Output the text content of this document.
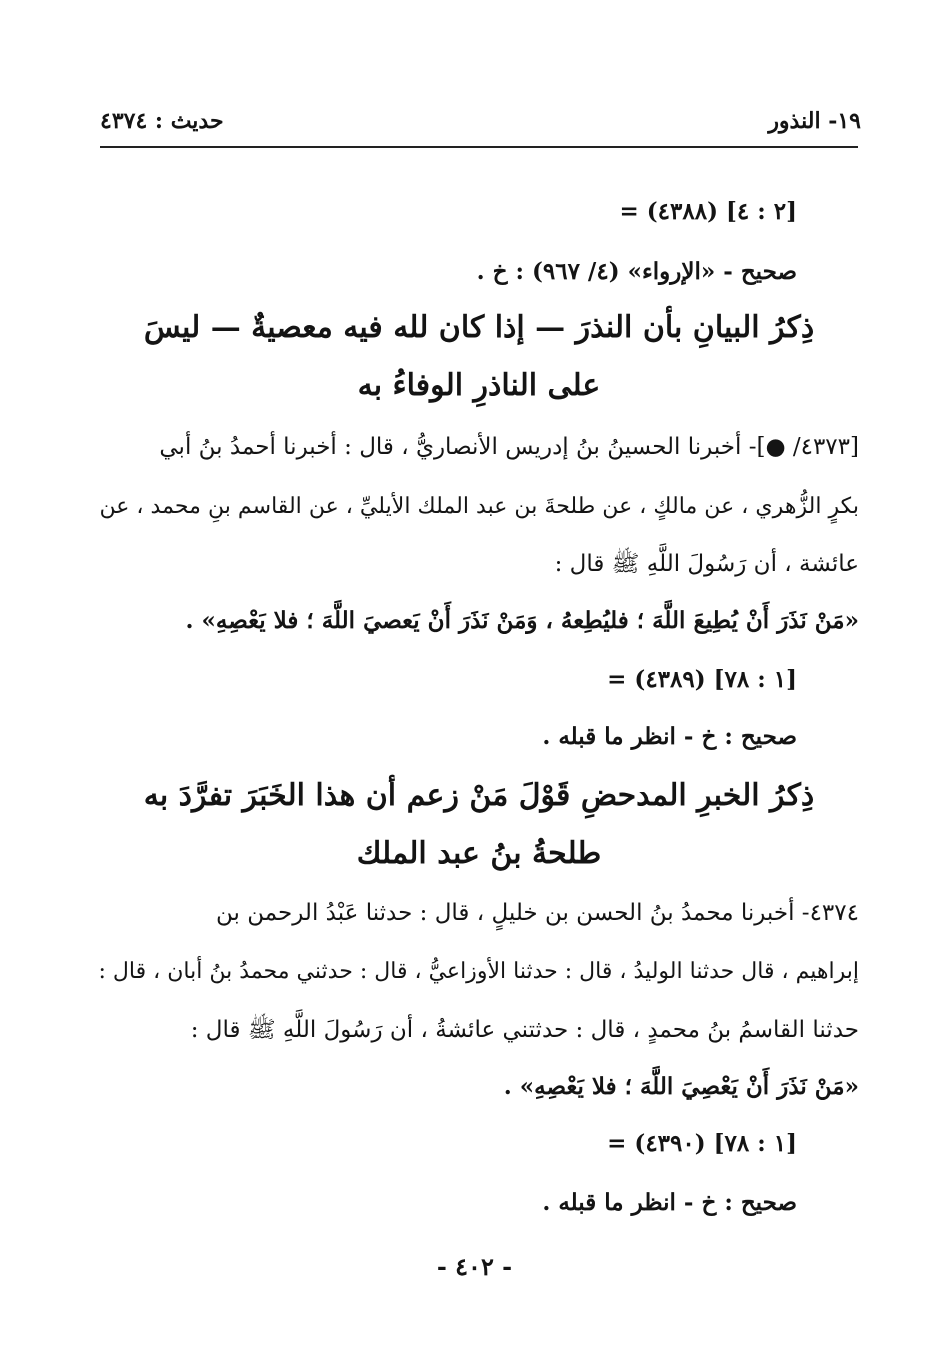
حديث : ٤٣٧٤	١٩- النذور
= (٤٣٨٨) [٢ : ٤]
صحيح - «الإرواء» (٤/ ٩٦٧) : خ .
ذِكرُ البيانِ بأن النذرَ — إذا كان لله فيه معصيةٌ — ليسَ
على الناذرِ الوفاءُ به
[٤٣٧٣/ ●]- أخبرنا الحسينُ بنُ إدريس الأنصاريُّ ، قال : أخبرنا أحمدُ بنُ أبي
بكرٍ الزُّهري ، عن مالكٍ ، عن طلحةَ بن عبد الملك الأيليِّ ، عن القاسم بنِ محمد ، عن
عائشة ، أن رَسُولَ اللَّهِ ﷺ قال :
«مَنْ نَذَرَ أَنْ يُطِيعَ اللَّهَ ؛ فليُطِعهُ ، وَمَنْ نَذَرَ أَنْ يَعصيَ اللَّهَ ؛ فلا يَعْصِهِ» .
= (٤٣٨٩) [١ : ٧٨]
صحيح : خ - انظر ما قبله .
ذِكرُ الخبرِ المدحضِ قَوْلَ مَنْ زعم أن هذا الخَبَرَ تفرَّدَ به
طلحةُ بنُ عبد الملك
٤٣٧٤- أخبرنا محمدُ بنُ الحسن بن خليلٍ ، قال : حدثنا عَبْدُ الرحمن بن
إبراهيم ، قال حدثنا الوليدُ ، قال : حدثنا الأوزاعيُّ ، قال : حدثني محمدُ بنُ أبان ، قال :
حدثنا القاسمُ بنُ محمدٍ ، قال : حدثتني عائشةُ ، أن رَسُولَ اللَّهِ ﷺ قال :
«مَنْ نَذَرَ أَنْ يَعْصِيَ اللَّهَ ؛ فلا يَعْصِهِ» .
= (٤٣٩٠) [١ : ٧٨]
صحيح : خ - انظر ما قبله .
- ٤٠٢ -
